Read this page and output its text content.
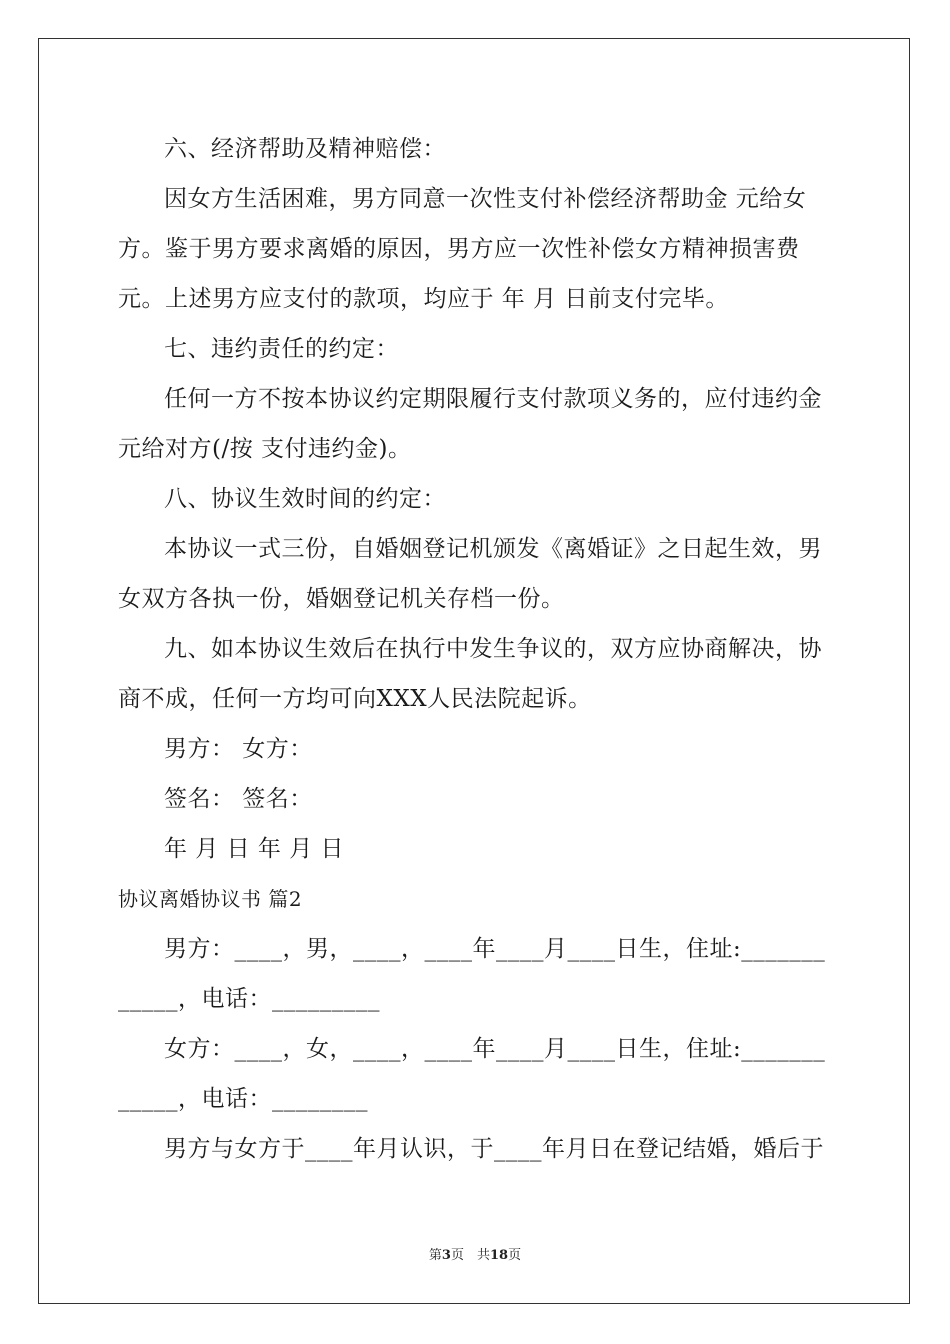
六、经济帮助及精神赔偿：
因女方生活困难，男方同意一次性支付补偿经济帮助金 元给女
方。鉴于男方要求离婚的原因，男方应一次性补偿女方精神损害费
元。上述男方应支付的款项，均应于 年 月 日前支付完毕。
七、违约责任的约定：
任何一方不按本协议约定期限履行支付款项义务的，应付违约金
元给对方(/按 支付违约金)。
八、协议生效时间的约定：
本协议一式三份，自婚姻登记机颁发《离婚证》之日起生效，男
女双方各执一份，婚姻登记机关存档一份。
九、如本协议生效后在执行中发生争议的，双方应协商解决，协
商不成，任何一方均可向XXX人民法院起诉。
男方： 女方：
签名： 签名：
年 月 日 年 月 日
协议离婚协议书 篇2
男方：____，男，____，____年____月____日生，住址:_______
_____，电话：_________
女方：____，女，____，____年____月____日生，住址:_______
_____，电话：________
男方与女方于____年月认识，于____年月日在登记结婚，婚后于
第3页　共18页
